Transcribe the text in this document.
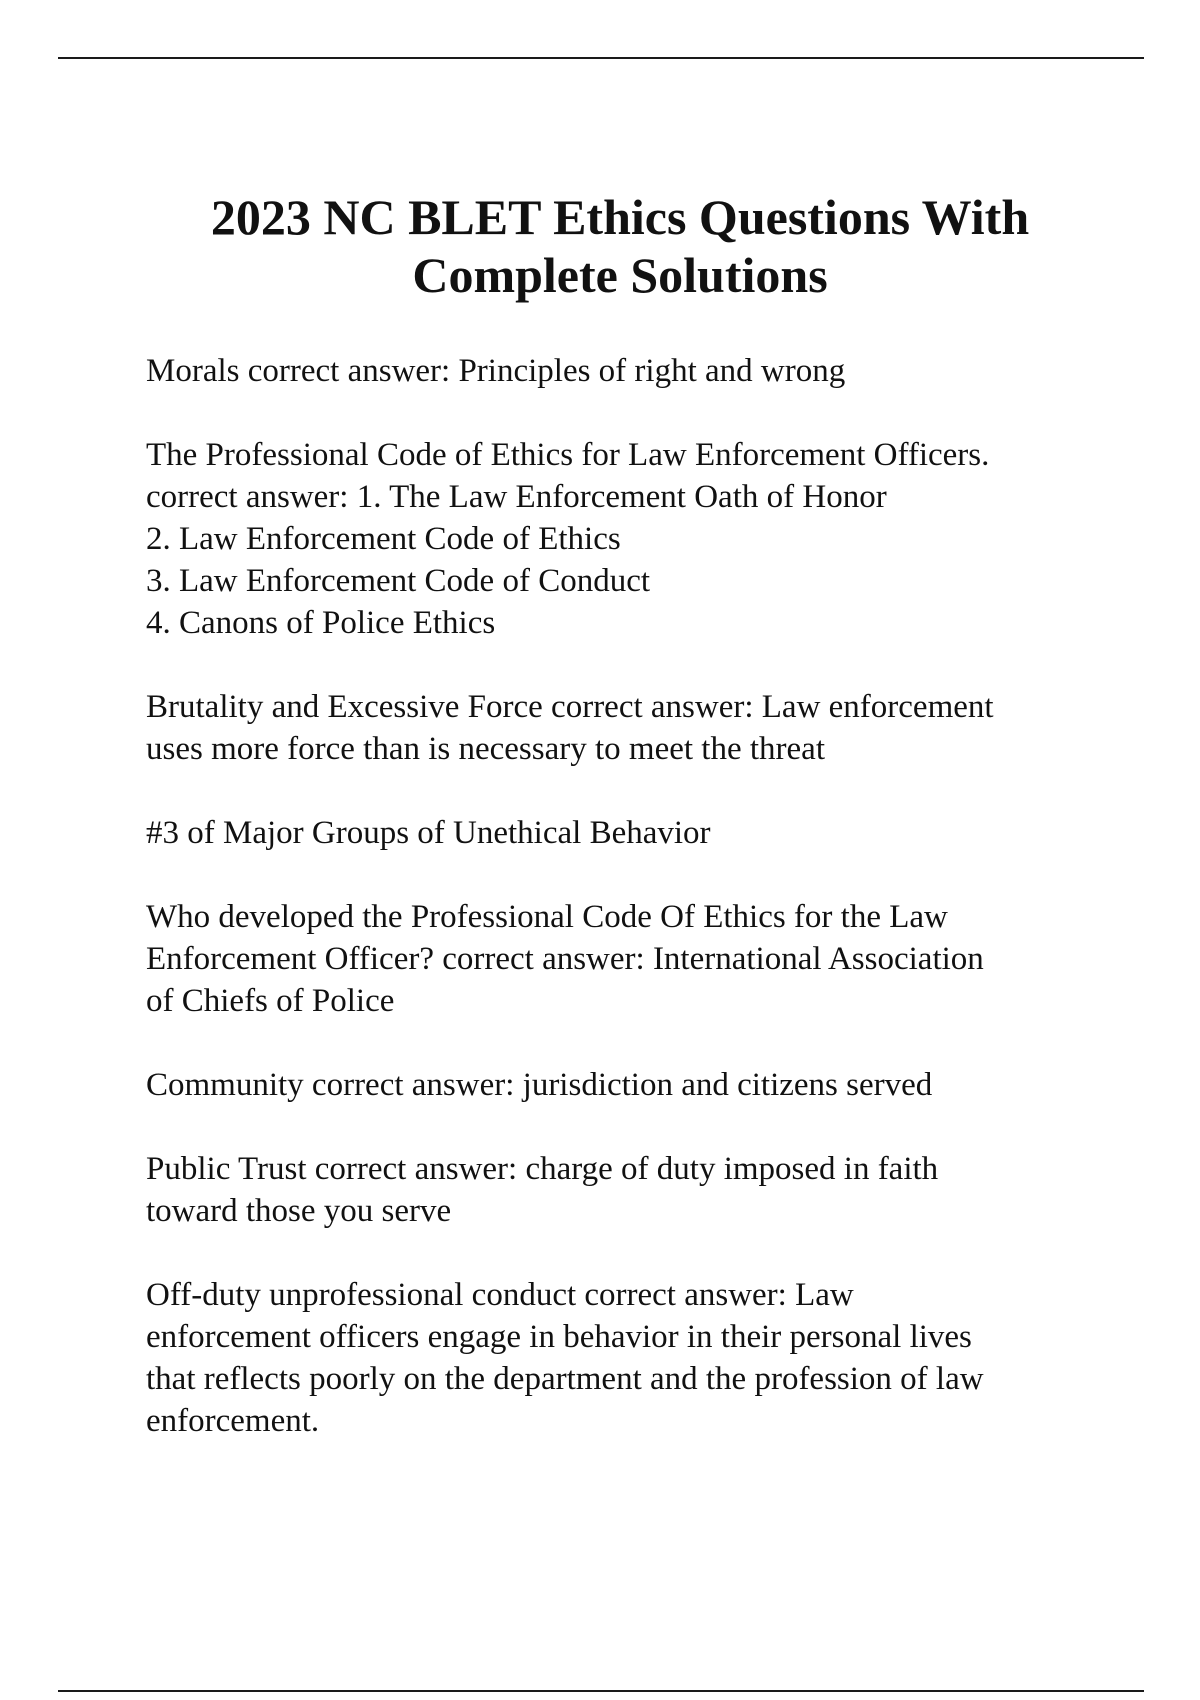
2023 NC BLET Ethics Questions With
Complete Solutions

Morals correct answer: Principles of right and wrong

The Professional Code of Ethics for Law Enforcement Officers.
correct answer: 1. The Law Enforcement Oath of Honor
2. Law Enforcement Code of Ethics
3. Law Enforcement Code of Conduct
4. Canons of Police Ethics

Brutality and Excessive Force correct answer: Law enforcement
uses more force than is necessary to meet the threat

#3 of Major Groups of Unethical Behavior

Who developed the Professional Code Of Ethics for the Law
Enforcement Officer? correct answer: International Association
of Chiefs of Police

Community correct answer: jurisdiction and citizens served

Public Trust correct answer: charge of duty imposed in faith
toward those you serve

Off-duty unprofessional conduct correct answer: Law
enforcement officers engage in behavior in their personal lives
that reflects poorly on the department and the profession of law
enforcement.
